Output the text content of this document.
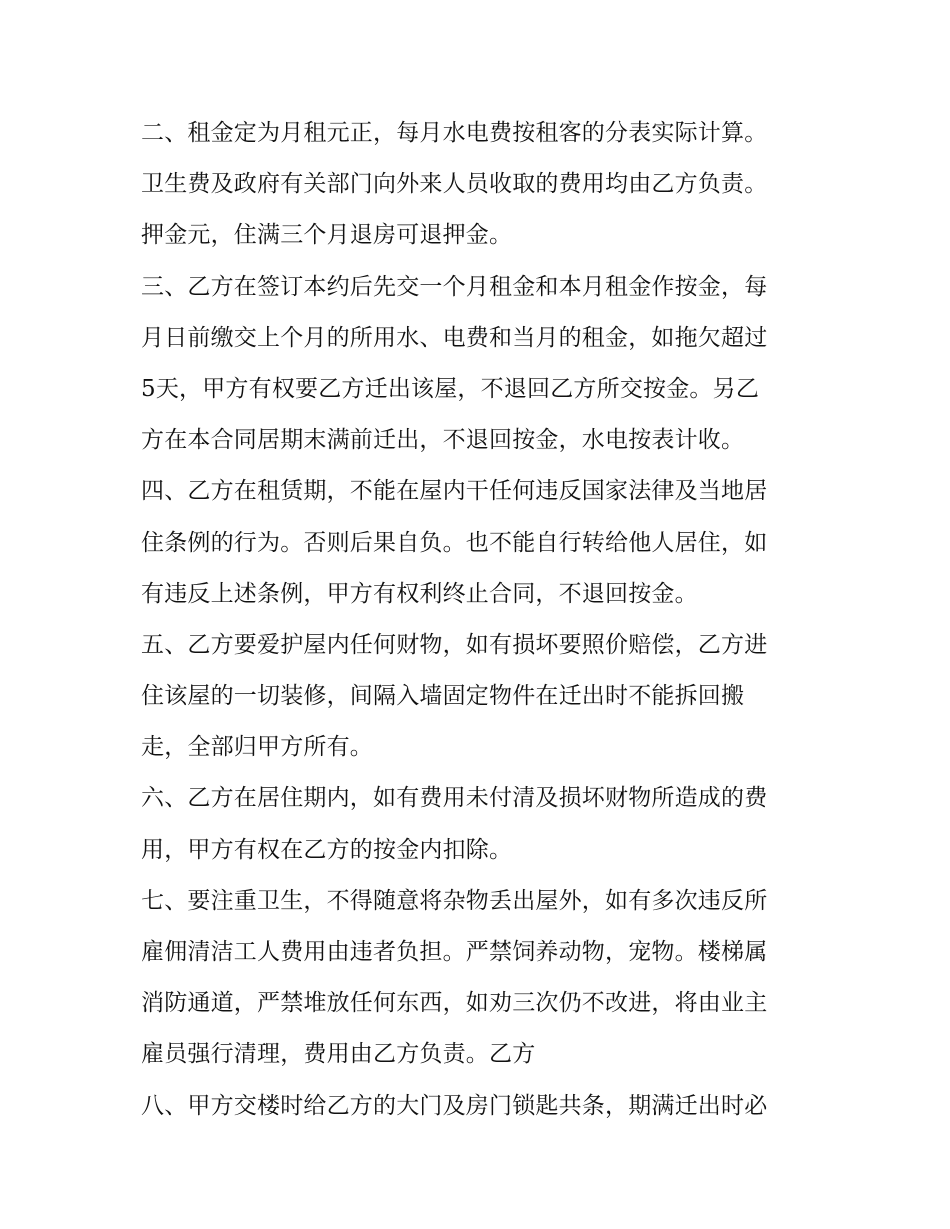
二、租金定为月租元正，每月水电费按租客的分表实际计算。
卫生费及政府有关部门向外来人员收取的费用均由乙方负责。
押金元，住满三个月退房可退押金。
三、乙方在签订本约后先交一个月租金和本月租金作按金，每
月日前缴交上个月的所用水、电费和当月的租金，如拖欠超过
5天，甲方有权要乙方迁出该屋，不退回乙方所交按金。另乙
方在本合同居期末满前迁出，不退回按金，水电按表计收。
四、乙方在租赁期，不能在屋内干任何违反国家法律及当地居
住条例的行为。否则后果自负。也不能自行转给他人居住，如
有违反上述条例，甲方有权利终止合同，不退回按金。
五、乙方要爱护屋内任何财物，如有损坏要照价赔偿，乙方进
住该屋的一切装修，间隔入墙固定物件在迁出时不能拆回搬
走，全部归甲方所有。
六、乙方在居住期内，如有费用未付清及损坏财物所造成的费
用，甲方有权在乙方的按金内扣除。
七、要注重卫生，不得随意将杂物丢出屋外，如有多次违反所
雇佣清洁工人费用由违者负担。严禁饲养动物，宠物。楼梯属
消防通道，严禁堆放任何东西，如劝三次仍不改进，将由业主
雇员强行清理，费用由乙方负责。乙方
八、甲方交楼时给乙方的大门及房门锁匙共条，期满迁出时必
